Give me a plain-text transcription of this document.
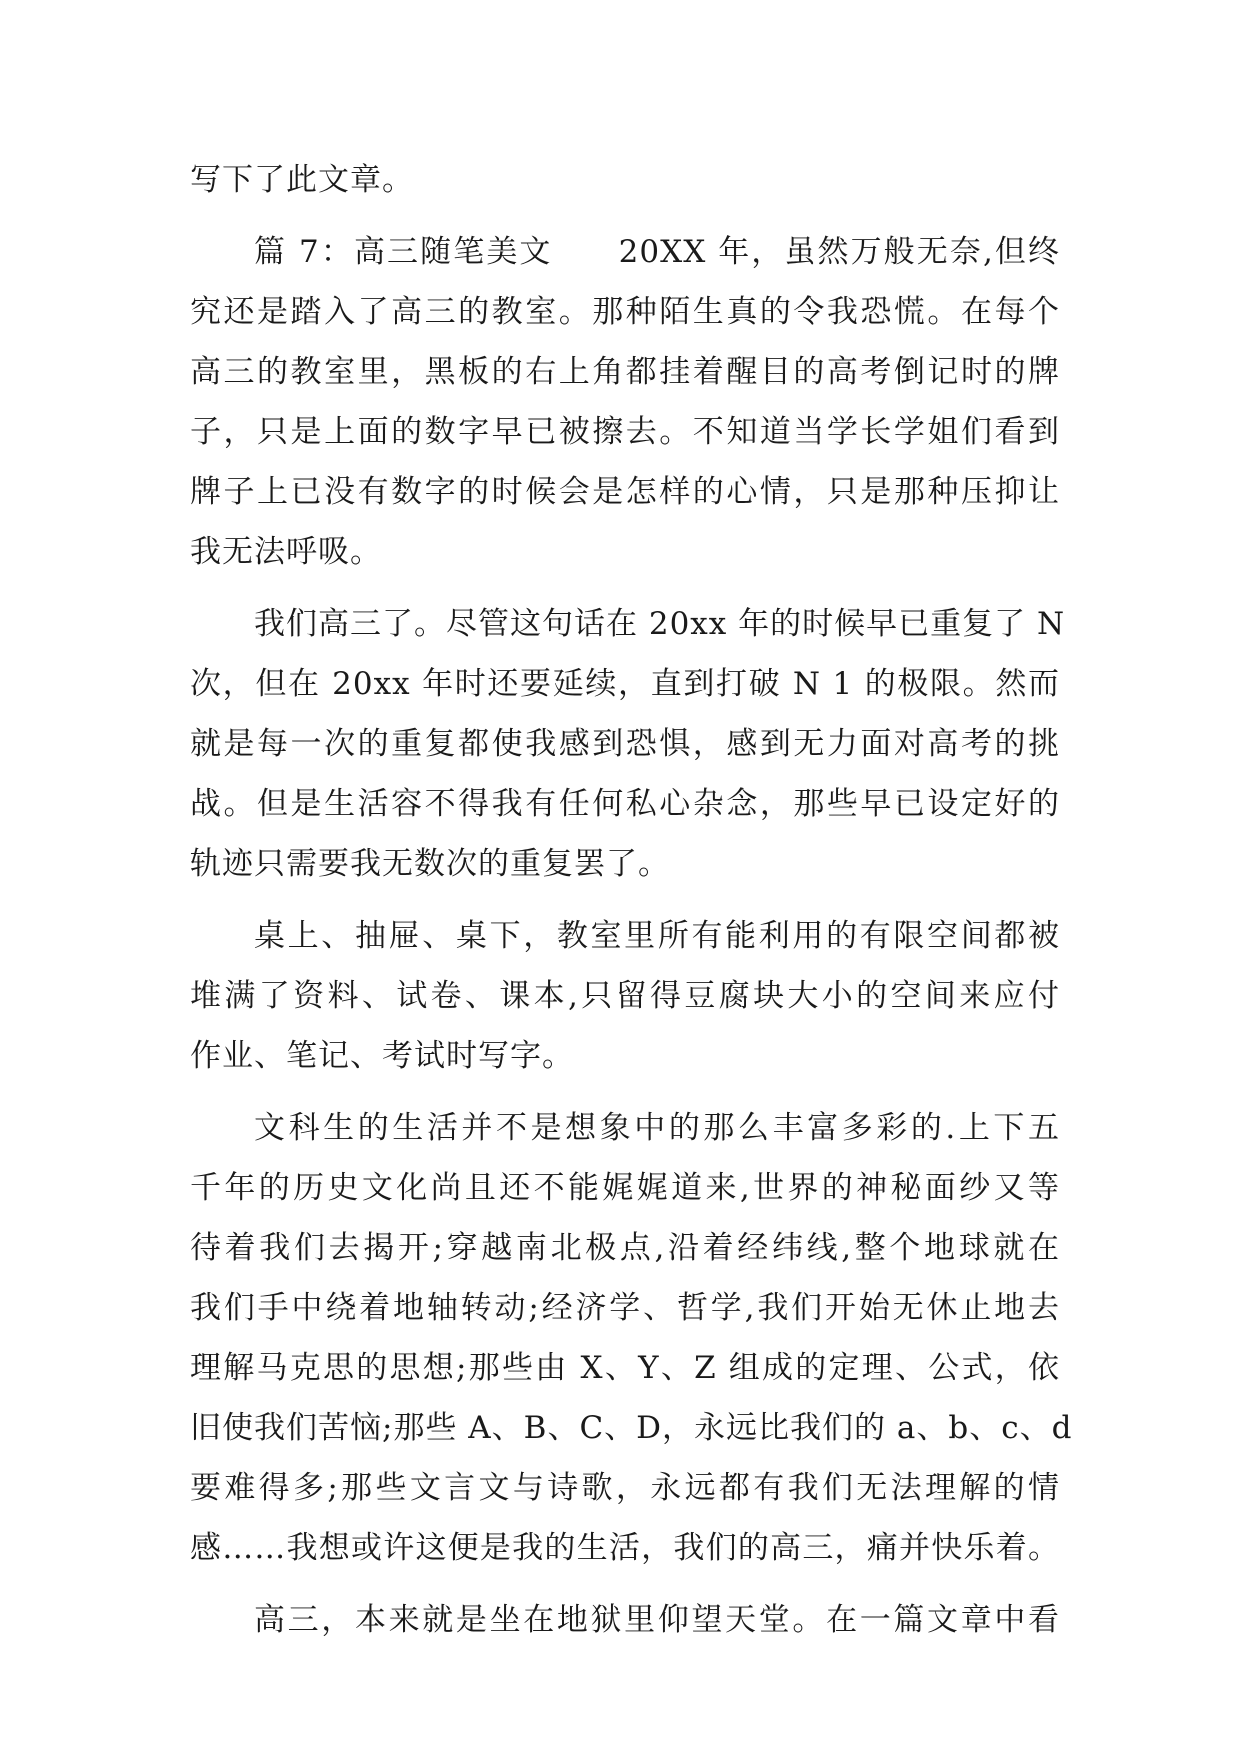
写下了此文章。
篇 7：高三随笔美文　　20XX 年，虽然万般无奈,但终
究还是踏入了高三的教室。那种陌生真的令我恐慌。在每个
高三的教室里，黑板的右上角都挂着醒目的高考倒记时的牌
子，只是上面的数字早已被擦去。不知道当学长学姐们看到
牌子上已没有数字的时候会是怎样的心情，只是那种压抑让
我无法呼吸。
我们高三了。尽管这句话在 20xx 年的时候早已重复了 N
次，但在 20xx 年时还要延续，直到打破 N 1 的极限。然而
就是每一次的重复都使我感到恐惧，感到无力面对高考的挑
战。但是生活容不得我有任何私心杂念，那些早已设定好的
轨迹只需要我无数次的重复罢了。
桌上、抽屉、桌下，教室里所有能利用的有限空间都被
堆满了资料、试卷、课本,只留得豆腐块大小的空间来应付
作业、笔记、考试时写字。
文科生的生活并不是想象中的那么丰富多彩的.上下五
千年的历史文化尚且还不能娓娓道来,世界的神秘面纱又等
待着我们去揭开;穿越南北极点,沿着经纬线,整个地球就在
我们手中绕着地轴转动;经济学、哲学,我们开始无休止地去
理解马克思的思想;那些由 X、Y、Z 组成的定理、公式，依
旧使我们苦恼;那些 A、B、C、D，永远比我们的 a、b、c、d
要难得多;那些文言文与诗歌，永远都有我们无法理解的情
感……我想或许这便是我的生活，我们的高三，痛并快乐着。
高三，本来就是坐在地狱里仰望天堂。在一篇文章中看
